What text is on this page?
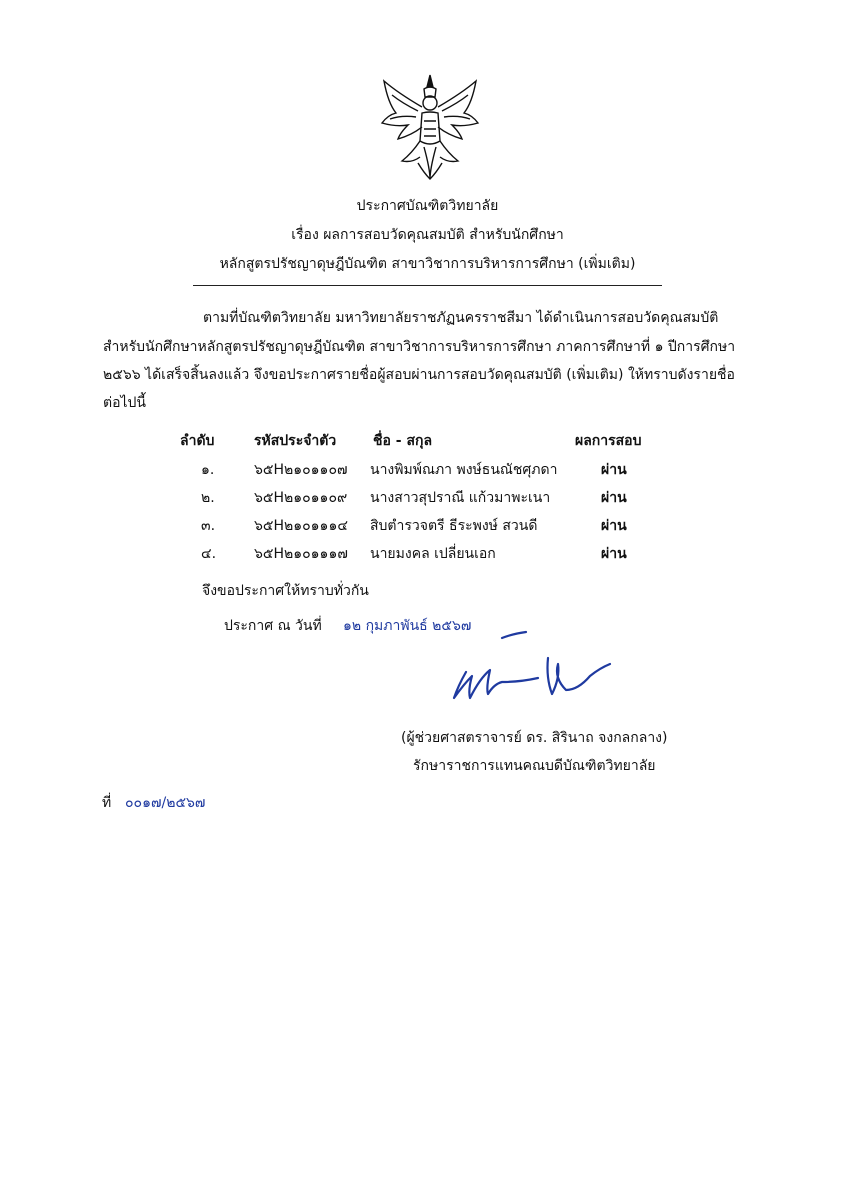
ประกาศบัณฑิตวิทยาลัย
เรื่อง ผลการสอบวัดคุณสมบัติ สำหรับนักศึกษา
หลักสูตรปรัชญาดุษฎีบัณฑิต สาขาวิชาการบริหารการศึกษา (เพิ่มเติม)
ตามที่บัณฑิตวิทยาลัย มหาวิทยาลัยราชภัฏนครราชสีมา ได้ดำเนินการสอบวัดคุณสมบัติ
สำหรับนักศึกษาหลักสูตรปรัชญาดุษฎีบัณฑิต สาขาวิชาการบริหารการศึกษา ภาคการศึกษาที่ ๑ ปีการศึกษา
๒๕๖๖ ได้เสร็จสิ้นลงแล้ว จึงขอประกาศรายชื่อผู้สอบผ่านการสอบวัดคุณสมบัติ (เพิ่มเติม) ให้ทราบดังรายชื่อ
ต่อไปนี้
ลำดับ	รหัสประจำตัว	ชื่อ - สกุล	ผลการสอบ
๑.	๖๕H๒๑๐๑๑๐๗ นางพิมพ์ณภา พงษ์ธนณัชศุภดา	ผ่าน
๒.	๖๕H๒๑๐๑๑๐๙ นางสาวสุปราณี แก้วมาพะเนา	ผ่าน
๓.	๖๕H๒๑๐๑๑๑๔ สิบตำรวจตรี ธีระพงษ์ สวนดี	ผ่าน
๔.	๖๕H๒๑๐๑๑๑๗ นายมงคล เปลี่ยนเอก	ผ่าน
จึงขอประกาศให้ทราบทั่วกัน
ประกาศ ณ วันที่ ๑๒ กุมภาพันธ์ ๒๕๖๗
(ผู้ช่วยศาสตราจารย์ ดร. สิรินาถ จงกลกลาง)
รักษาราชการแทนคณบดีบัณฑิตวิทยาลัย
ที่ ๐๐๑๗/๒๕๖๗
